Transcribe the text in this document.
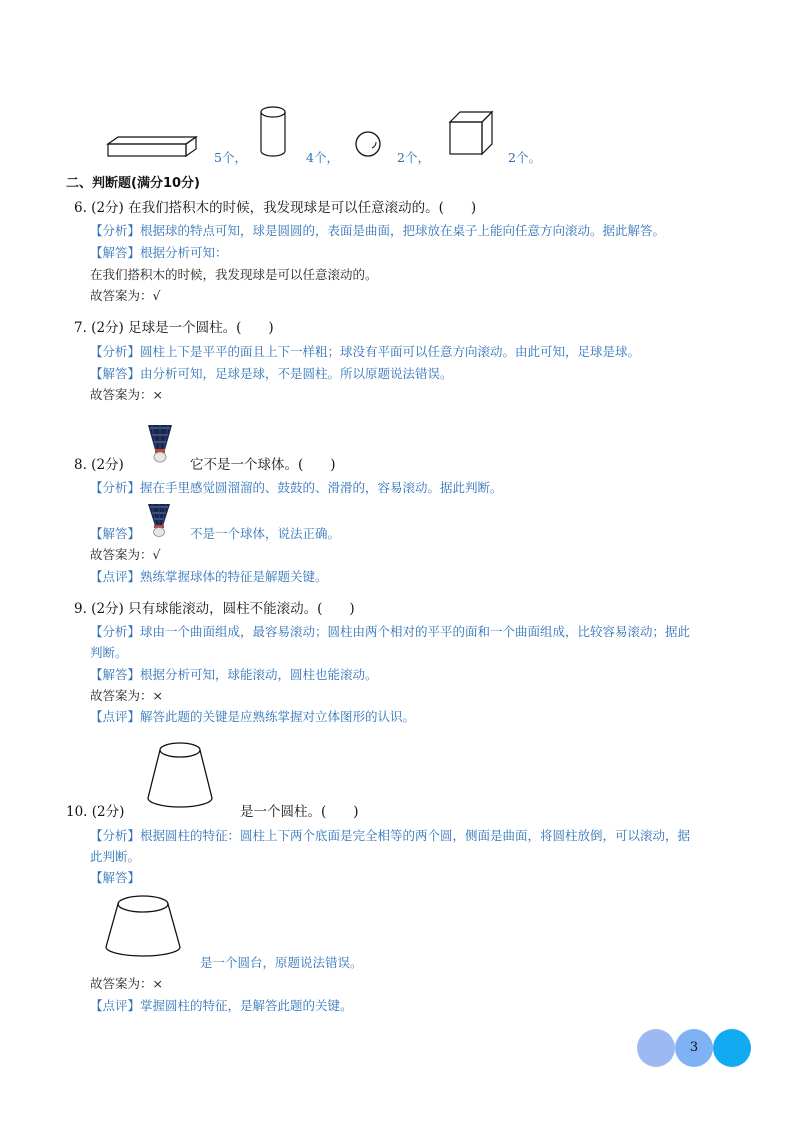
5个，	4个，	2个，	2个。
二、判断题(满分10分)
6. (2分) 在我们搭积木的时候，我发现球是可以任意滚动的。(　　)
【分析】根据球的特点可知，球是圆圆的，表面是曲面，把球放在桌子上能向任意方向滚动。据此解答。
【解答】根据分析可知：
在我们搭积木的时候，我发现球是可以任意滚动的。
故答案为：√
7. (2分) 足球是一个圆柱。(　　)
【分析】圆柱上下是平平的面且上下一样粗；球没有平面可以任意方向滚动。由此可知，足球是球。
【解答】由分析可知，足球是球，不是圆柱。所以原题说法错误。
故答案为：×
8. (2分)	它不是一个球体。(　　)
【分析】握在手里感觉圆溜溜的、鼓鼓的、滑滑的，容易滚动。据此判断。
【解答】	不是一个球体，说法正确。
故答案为：√
【点评】熟练掌握球体的特征是解题关键。
9. (2分) 只有球能滚动，圆柱不能滚动。(　　)
【分析】球由一个曲面组成，最容易滚动；圆柱由两个相对的平平的面和一个曲面组成，比较容易滚动；据此
判断。
【解答】根据分析可知，球能滚动，圆柱也能滚动。
故答案为：×
【点评】解答此题的关键是应熟练掌握对立体图形的认识。
10. (2分)	是一个圆柱。(　　)
【分析】根据圆柱的特征：圆柱上下两个底面是完全相等的两个圆，侧面是曲面，将圆柱放倒，可以滚动，据
此判断。
【解答】
是一个圆台，原题说法错误。
故答案为：×
【点评】掌握圆柱的特征，是解答此题的关键。
3
